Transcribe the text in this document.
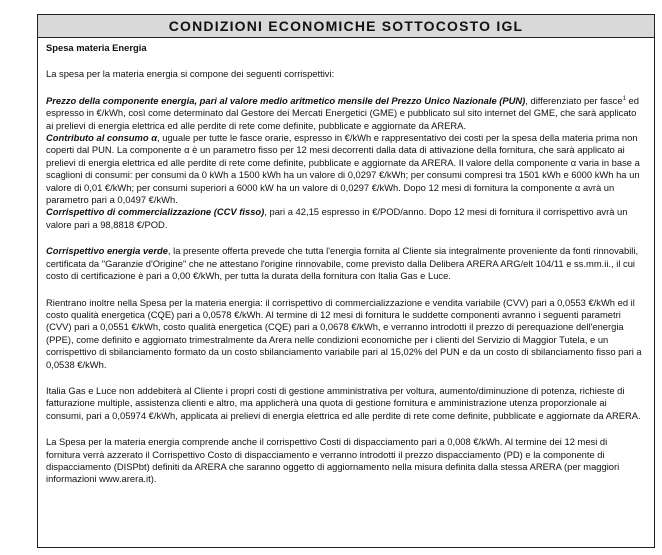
CONDIZIONI ECONOMICHE SOTTOCOSTO IGL

Spesa materia Energia

La spesa per la materia energia si compone dei seguenti corrispettivi:

Prezzo della componente energia, pari al valore medio aritmetico mensile del Prezzo Unico Nazionale (PUN), differenziato per fasce$^1$ ed espresso in €/kWh, così come determinato dal Gestore dei Mercati Energetici (GME) e pubblicato sul sito internet del GME, che sarà applicato ai prelievi di energia elettrica ed alle perdite di rete come definite, pubblicate e aggiornate da ARERA.

Contributo al consumo α, uguale per tutte le fasce orarie, espresso in €/kWh e rappresentativo dei costi per la spesa della materia prima non coperti dal PUN. La componente α è un parametro fisso per 12 mesi decorrenti dalla data di attivazione della fornitura, che sarà applicato ai prelievi di energia elettrica ed alle perdite di rete come definite, pubblicate e aggiornate da ARERA. Il valore della componente α varia in base a scaglioni di consumi: per consumi da 0 kWh a 1500 kWh ha un valore di 0,0297 €/kWh; per consumi compresi tra 1501 kWh e 6000 kWh ha un valore di 0,01 €/kWh; per consumi superiori a 6000 kW ha un valore di 0,0297 €/kWh. Dopo 12 mesi di fornitura la componente α avrà un parametro pari a 0,0497 €/kWh.

Corrispettivo di commercializzazione (CCV fisso), pari a 42,15 espresso in €/POD/anno. Dopo 12 mesi di fornitura il corrispettivo avrà un valore pari a 98,8818 €/POD.

Corrispettivo energia verde, la presente offerta prevede che tutta l'energia fornita al Cliente sia integralmente proveniente da fonti rinnovabili, certificata da "Garanzie d'Origine" che ne attestano l'origine rinnovabile, come previsto dalla Delibera ARERA ARG/elt 104/11 e ss.mm.ii., il cui costo di certificazione è pari a 0,00 €/kWh, per tutta la durata della fornitura con Italia Gas e Luce.

Rientrano inoltre nella Spesa per la materia energia: il corrispettivo di commercializzazione e vendita variabile (CVV) pari a 0,0553 €/kWh ed il costo qualità energetica (CQE) pari a 0,0578 €/kWh. Al termine di 12 mesi di fornitura le suddette componenti avranno i seguenti parametri (CVV) pari a 0,0551 €/kWh, costo qualità energetica (CQE) pari a 0,0678 €/kWh, e verranno introdotti il prezzo di perequazione dell'energia (PPE), come definito e aggiornato trimestralmente da Arera nelle condizioni economiche per i clienti del Servizio di Maggior Tutela, e un corrispettivo di sbilanciamento formato da un costo sbilanciamento variabile pari al 15,02% del PUN e da un costo di sbilanciamento fisso pari a 0,0538 €/kWh.

Italia Gas e Luce non addebiterà al Cliente i propri costi di gestione amministrativa per voltura, aumento/diminuzione di potenza, richieste di fatturazione multiple, assistenza clienti e altro, ma applicherà una quota di gestione fornitura e amministrazione utenza proporzionale ai consumi, pari a 0,05974 €/kWh, applicata ai prelievi di energia elettrica ed alle perdite di rete come definite, pubblicate e aggiornate da ARERA.

La Spesa per la materia energia comprende anche il corrispettivo Costi di dispacciamento pari a 0,008 €/kWh. Al termine dei 12 mesi di fornitura verrà azzerato il Corrispettivo Costo di dispacciamento e verranno introdotti il prezzo dispacciamento (PD) e la componente di dispacciamento (DISPbt) definiti da ARERA che saranno oggetto di aggiornamento nella misura definita dalla stessa ARERA (per maggiori informazioni www.arera.it).
